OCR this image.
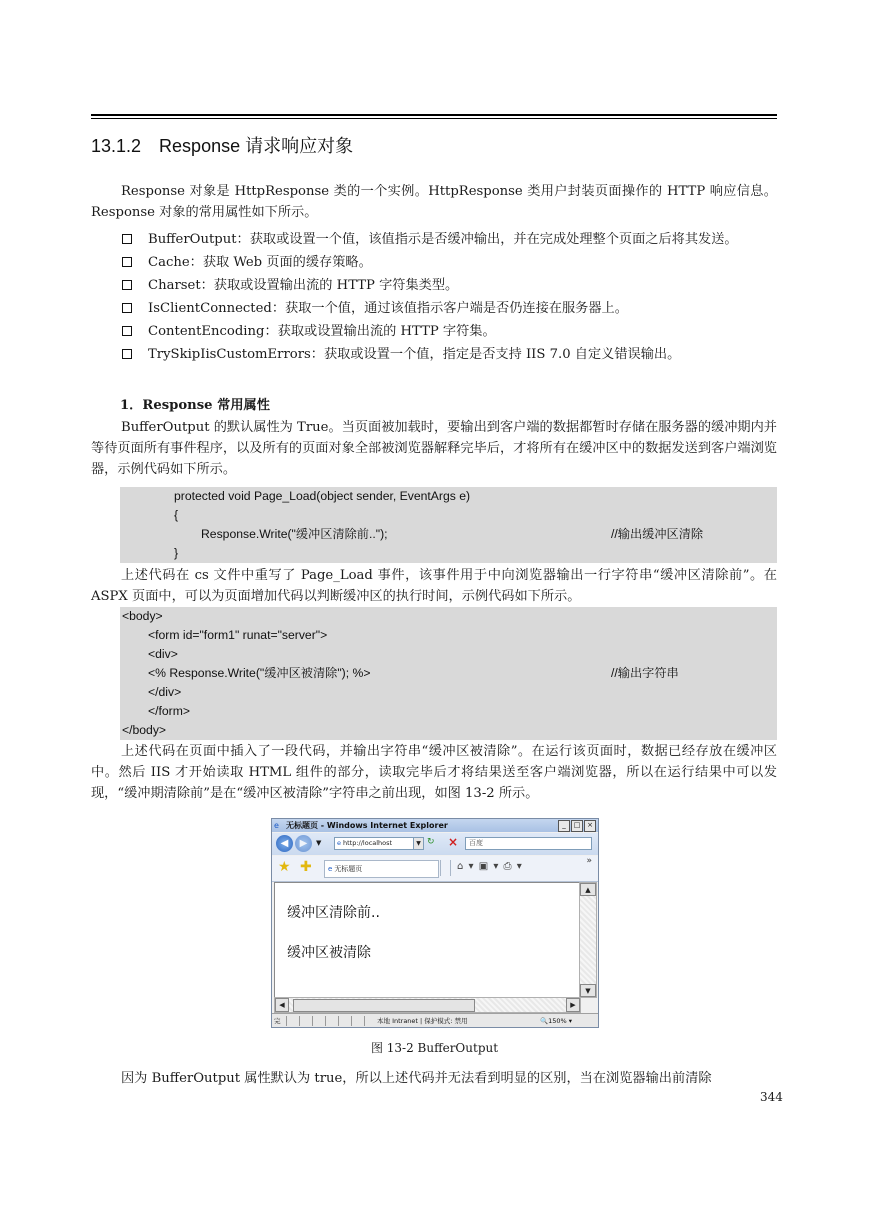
13.1.2 Response 请求响应对象
Response 对象是 HttpResponse 类的一个实例。HttpResponse 类用户封装页面操作的 HTTP 响应信息。Response 对象的常用属性如下所示。
BufferOutput：获取或设置一个值，该值指示是否缓冲输出，并在完成处理整个页面之后将其发送。
Cache：获取 Web 页面的缓存策略。
Charset：获取或设置输出流的 HTTP 字符集类型。
IsClientConnected：获取一个值，通过该值指示客户端是否仍连接在服务器上。
ContentEncoding：获取或设置输出流的 HTTP 字符集。
TrySkipIisCustomErrors：获取或设置一个值，指定是否支持 IIS 7.0 自定义错误输出。
1．Response 常用属性
BufferOutput 的默认属性为 True。当页面被加载时，要输出到客户端的数据都暂时存储在服务器的缓冲期内并等待页面所有事件程序，以及所有的页面对象全部被浏览器解释完毕后，才将所有在缓冲区中的数据发送到客户端浏览器，示例代码如下所示。
protected void Page_Load(object sender, EventArgs e)
{
Response.Write("缓冲区清除前..");	//输出缓冲区清除
}
上述代码在 cs 文件中重写了 Page_Load 事件，该事件用于中向浏览器输出一行字符串“缓冲区清除前”。在 ASPX 页面中，可以为页面增加代码以判断缓冲区的执行时间，示例代码如下所示。
<body>
<form id="form1" runat="server">
<div>
<% Response.Write("缓冲区被清除"); %>	//输出字符串
</div>
</form>
</body>
上述代码在页面中插入了一段代码，并输出字符串“缓冲区被清除”。在运行该页面时，数据已经存放在缓冲区中。然后 IIS 才开始读取 HTML 组件的部分，读取完毕后才将结果送至客户端浏览器，所以在运行结果中可以发现，“缓冲期清除前”是在“缓冲区被清除”字符串之前出现，如图 13-2 所示。
e 无标题页 - Windows Internet Explorer	_	□ ×
◀	▶	▼	e http://localhost	▼ ↻ ×	百度
★ ✚	e 无标题页	⌂ ▾ ▣ ▾ ⎙ ▾	»
缓冲区清除前..
缓冲区被清除
▲
▼
◀	▶
完	本地 Intranet | 保护模式: 禁用	🔍150% ▾
图 13-2 BufferOutput
因为 BufferOutput 属性默认为 true，所以上述代码并无法看到明显的区别，当在浏览器输出前清除
344
